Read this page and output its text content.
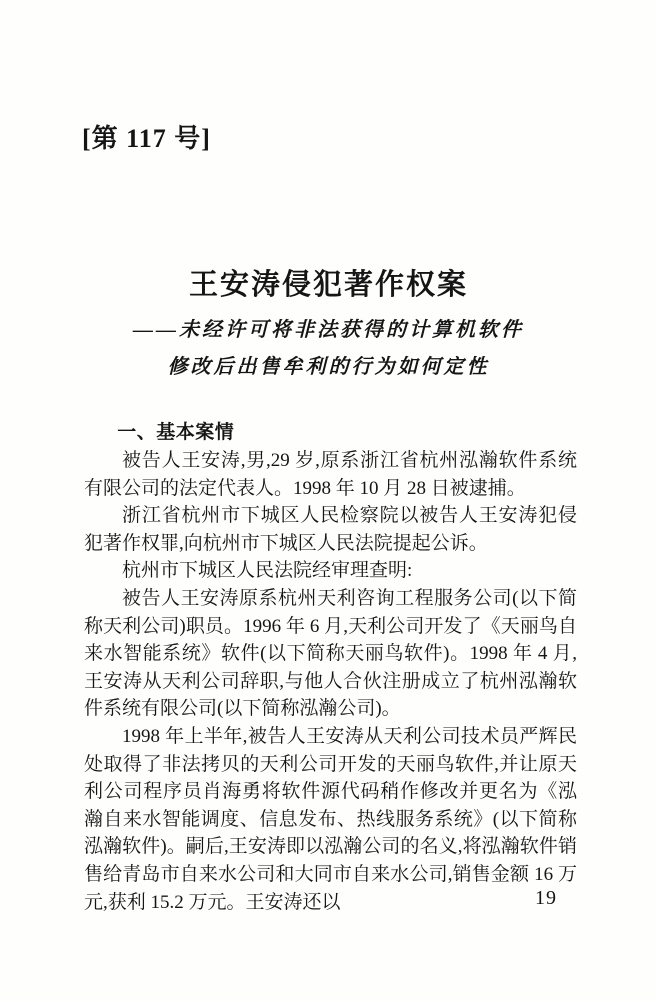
[第 117 号]
王安涛侵犯著作权案
——未经许可将非法获得的计算机软件
修改后出售牟利的行为如何定性
一、基本案情

被告人王安涛,男,29 岁,原系浙江省杭州泓瀚软件系统有限公司的法定代表人。1998 年 10 月 28 日被逮捕。

浙江省杭州市下城区人民检察院以被告人王安涛犯侵犯著作权罪,向杭州市下城区人民法院提起公诉。

杭州市下城区人民法院经审理查明:

被告人王安涛原系杭州天利咨询工程服务公司(以下简称天利公司)职员。1996 年 6 月,天利公司开发了《天丽鸟自来水智能系统》软件(以下简称天丽鸟软件)。1998 年 4 月,王安涛从天利公司辞职,与他人合伙注册成立了杭州泓瀚软件系统有限公司(以下简称泓瀚公司)。

1998 年上半年,被告人王安涛从天利公司技术员严辉民处取得了非法拷贝的天利公司开发的天丽鸟软件,并让原天利公司程序员肖海勇将软件源代码稍作修改并更名为《泓瀚自来水智能调度、信息发布、热线服务系统》(以下简称泓瀚软件)。嗣后,王安涛即以泓瀚公司的名义,将泓瀚软件销售给青岛市自来水公司和大同市自来水公司,销售金额 16 万元,获利 15.2 万元。王安涛还以	19
